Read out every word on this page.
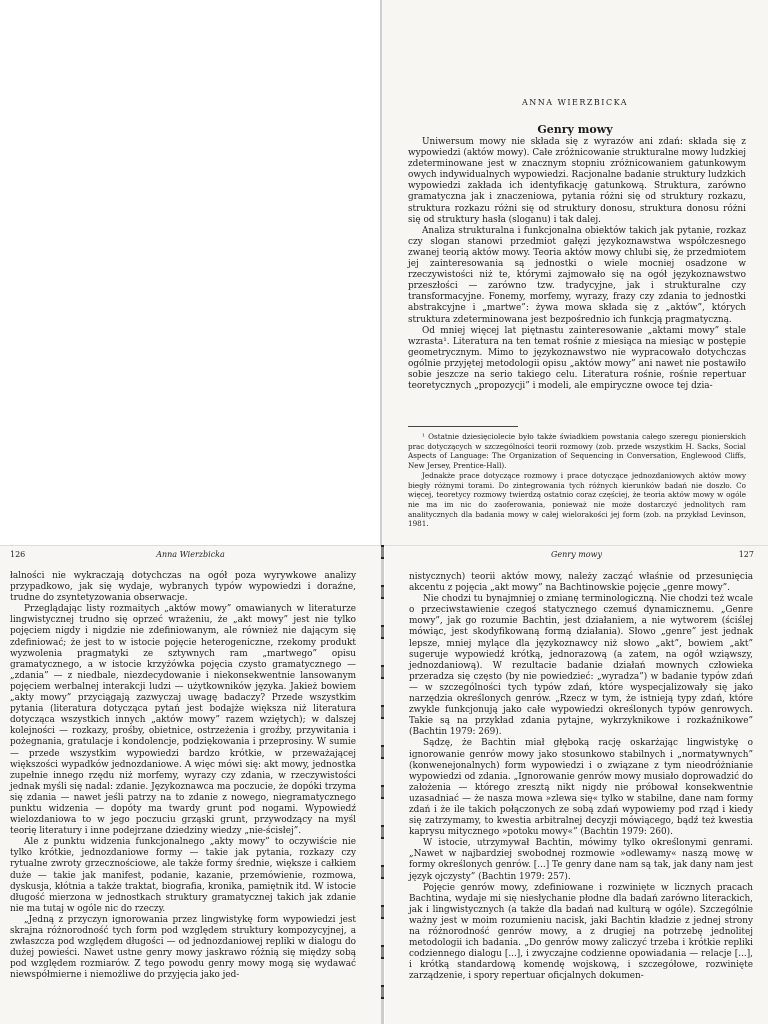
ANNA WIERZBICKA
Genry mowy

Uniwersum mowy nie składa się z wyrazów ani zdań: składa się z wypowiedzi (aktów mowy). Całe zróżnicowanie strukturalne mowy ludzkiej zdeterminowane jest w znacznym stopniu zróżnicowaniem gatunkowym owych indywidualnych wypowiedzi. Racjonalne badanie struktury ludzkich wypowiedzi zakłada ich identyfikację gatunkową. Struktura, zarówno gramatyczna jak i znaczeniowa, pytania różni się od struktury rozkazu, struktura rozkazu różni się od struktury donosu, struktura donosu różni się od struktury hasła (sloganu) i tak dalej.

Analiza strukturalna i funkcjonalna obiektów takich jak pytanie, rozkaz czy slogan stanowi przedmiot gałęzi językoznawstwa współczesnego zwanej teorią aktów mowy. Teoria aktów mowy chlubi się, że przedmiotem jej zainteresowania są jednostki o wiele mocniej osadzone w rzeczywistości niż te, którymi zajmowało się na ogół językoznawstwo przeszłości — zarówno tzw. tradycyjne, jak i strukturalne czy transformacyjne. Fonemy, morfemy, wyrazy, frazy czy zdania to jednostki abstrakcyjne i „martwe”: żywa mowa składa się z „aktów”, których struktura zdeterminowana jest bezpośrednio ich funkcją pragmatyczną.

Od mniej więcej lat piętnastu zainteresowanie „aktami mowy” stale wzrasta¹. Literatura na ten temat rośnie z miesiąca na miesiąc w postępie geometrycznym. Mimo to językoznawstwo nie wypracowało dotychczas ogólnie przyjętej metodologii opisu „aktów mowy” ani nawet nie postawiło sobie jeszcze na serio takiego celu. Literatura rośnie, rośnie repertuar teoretycznych „propozycji” i modeli, ale empiryczne owoce tej dzia-

¹ Ostatnie dziesięciolecie było także świadkiem powstania całego szeregu pionierskich prac dotyczących w szczególności teorii rozmowy (zob. przede wszystkim H. Sacks, Social Aspects of Language: The Organization of Sequencing in Conversation, Englewood Cliffs, New Jersey, Prentice-Hall).

Jednakże prace dotyczące rozmowy i prace dotyczące jednozdaniowych aktów mowy biegły różnymi torami. Do zintegrowania tych różnych kierunków badań nie doszło. Co więcej, teoretycy rozmowy twierdzą ostatnio coraz częściej, że teoria aktów mowy w ogóle nie ma im nic do zaoferowania, ponieważ nie może dostarczyć jednolitych ram analitycznych dla badania mowy w całej wielorakości jej form (zob. na przykład Levinson, 1981.

126	Anna Wierzbicka

łalności nie wykraczają dotychczas na ogół poza wyrywkowe analizy przypadkowo, jak się wydaje, wybranych typów wypowiedzi i doraźne, trudne do zsyntetyzowania obserwacje.

Przeglądając listy rozmaitych „aktów mowy” omawianych w literaturze lingwistycznej trudno się oprzeć wrażeniu, że „akt mowy” jest nie tylko pojęciem nigdy i nigdzie nie zdefiniowanym, ale również nie dającym się zdefiniować; że jest to w istocie pojęcie heterogeniczne, rzekomy produkt wyzwolenia pragmatyki ze sztywnych ram „martwego” opisu gramatycznego, a w istocie krzyżówka pojęcia czysto gramatycznego — „zdania” — z niedbale, niezdecydowanie i niekonsekwentnie lansowanym pojęciem werbalnej interakcji ludzi — użytkowników języka. Jakież bowiem „akty mowy” przyciągają zazwyczaj uwagę badaczy? Przede wszystkim pytania (literatura dotycząca pytań jest bodajże większa niż literatura dotycząca wszystkich innych „aktów mowy” razem wziętych); w dalszej kolejności — rozkazy, prośby, obietnice, ostrzeżenia i groźby, przywitania i pożegnania, gratulacje i kondolencje, podziękowania i przeprosiny. W sumie — przede wszystkim wypowiedzi bardzo krótkie, w przeważającej większości wypadków jednozdaniowe. A więc mówi się: akt mowy, jednostka zupełnie innego rzędu niż morfemy, wyrazy czy zdania, w rzeczywistości jednak myśli się nadal: zdanie. Językoznawca ma poczucie, że dopóki trzyma się zdania — nawet jeśli patrzy na to zdanie z nowego, niegramatycznego punktu widzenia — dopóty ma twardy grunt pod nogami. Wypowiedź wielozdaniowa to w jego poczuciu grząski grunt, przywodzący na myśl teorię literatury i inne podejrzane dziedziny wiedzy „nie-ścisłej”.

Ale z punktu widzenia funkcjonalnego „akty mowy” to oczywiście nie tylko krótkie, jednozdaniowe formy — takie jak pytania, rozkazy czy rytualne zwroty grzecznościowe, ale także formy średnie, większe i całkiem duże — takie jak manifest, podanie, kazanie, przemówienie, rozmowa, dyskusja, kłótnia a także traktat, biografia, kronika, pamiętnik itd. W istocie długość mierzona w jednostkach struktury gramatycznej takich jak zdanie nie ma tutaj w ogóle nic do rzeczy.

„Jedną z przyczyn ignorowania przez lingwistykę form wypowiedzi jest skrajna różnorodność tych form pod względem struktury kompozycyjnej, a zwłaszcza pod względem długości — od jednozdaniowej repliki w dialogu do dużej powieści. Nawet ustne genry mowy jaskrawo różnią się między sobą pod względem rozmiarów. Z tego powodu genry mowy mogą się wydawać niewspółmierne i niemożliwe do przyjęcia jako jed-

Genry mowy	127

nistycznych) teorii aktów mowy, należy zacząć właśnie od przesunięcia akcentu z pojęcia „akt mowy” na Bachtinowskie pojęcie „genre mowy”.

Nie chodzi tu bynajmniej o zmianę terminologiczną. Nie chodzi też wcale o przeciwstawienie czegoś statycznego czemuś dynamicznemu. „Genre mowy”, jak go rozumie Bachtin, jest działaniem, a nie wytworem (ściślej mówiąc, jest skodyfikowaną formą działania). Słowo „genre” jest jednak lepsze, mniej mylące dla językoznawcy niż słowo „akt”, bowiem „akt” sugeruje wypowiedź krótką, jednorazową (a zatem, na ogół wziąwszy, jednozdaniową). W rezultacie badanie działań mownych człowieka przeradza się często (by nie powiedzieć: „wyradza”) w badanie typów zdań — w szczególności tych typów zdań, które wyspecjalizowały się jako narzędzia określonych genrów. „Rzecz w tym, że istnieją typy zdań, które zwykle funkcjonują jako całe wypowiedzi określonych typów genrowych. Takie są na przykład zdania pytajne, wykrzyknikowe i rozkaźnikowe” (Bachtin 1979: 269).

Sądzę, że Bachtin miał głęboką rację oskarżając lingwistykę o ignorowanie genrów mowy jako stosunkowo stabilnych i „normatywnych” (konwenejonalnych) form wypowiedzi i o związane z tym nieodróżnianie wypowiedzi od zdania. „Ignorowanie genrów mowy musiało doprowadzić do założenia — którego zresztą nikt nigdy nie próbował konsekwentnie uzasadniać — że nasza mowa »zlewa się« tylko w stabilne, dane nam formy zdań i że ile takich połączonych ze sobą zdań wypowiemy pod rząd i kiedy się zatrzymamy, to kwestia arbitralnej decyzji mówiącego, bądź też kwestia kaprysu mitycznego »potoku mowy«” (Bachtin 1979: 260).

W istocie, utrzymywał Bachtin, mówimy tylko określonymi genrami. „Nawet w najbardziej swobodnej rozmowie »odlewamy« naszą mowę w formy określonych genrów. [...] Te genry dane nam są tak, jak dany nam jest język ojczysty” (Bachtin 1979: 257).

Pojęcie genrów mowy, zdefiniowane i rozwinięte w licznych pracach Bachtina, wydaje mi się niesłychanie płodne dla badań zarówno literackich, jak i lingwistycznych (a także dla badań nad kulturą w ogóle). Szczególnie ważny jest w moim rozumieniu nacisk, jaki Bachtin kładzie z jednej strony na różnorodność genrów mowy, a z drugiej na potrzebę jednolitej metodologii ich badania. „Do genrów mowy zaliczyć trzeba i krótkie repliki codziennego dialogu [...], i zwyczajne codzienne opowiadania — relacje [...], i krótką standardową komendę wojskową, i szczegółowe, rozwinięte zarządzenie, i spory repertuar oficjalnych dokumen-
